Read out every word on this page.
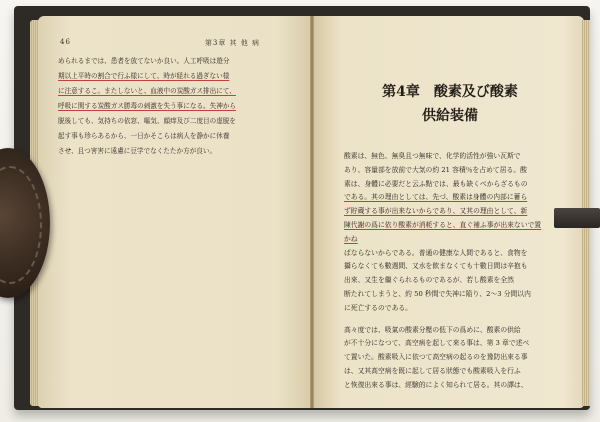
46	第3章 其 他 病

められるまでは、患者を放てないか良い。人工呼吸は遊分

期以上平時の割合で行ふ様にして、時が経れる過ぎない様

に注意するこ。またしないと、血液中の炭酸ガス排出にて、

呼吸に関する炭酸ガス勝毒の刺激を失う事になる。失神から

脱後しても、気持ちの依窓、嘔気、顔痒及び二度目の虚脱を

起す事も珍らあるから、一日かそこらは病人を静かに休養

させ、且つ害害に遠慮に豆学でなくたたか方が良い。

第4章　酸素及び酸素
供給装備

酸素は、無色、無臭且つ無味で、化学的活性が強い瓦斯で

あり、容量部を放前で大気の約 21 容積％を占めて居る。酸

素は、身體に必要だと云ふ點では、最も缺くべからざるもの

である。其の理由としては、先づ、酸素は身體の内部に蓄ら

ず貯蔵する事が出来ないからであり、又其の理由として、新

陳代謝の爲に依り酸素が消耗すると、直ぐ補ふ事が出來ないで置かね

ばならないからである。普通の健康な人間であると、食物を

攝らなくても數週間、又水を飲まなくても十數日間は辛抱も

出來、又生を繼ぐられるものであるが、若し酸素を全然

断たれてしまうと、約 50 秒間で失神に陥り、2〜3 分間以内

に死亡するのである。

高々度では、吸氣の酸素分壓の低下の爲めに、酸素の供給

が不十分になつて、高空病を起して來る事は、第 3 章で述べ

て置いた。酸素吸入に依つて高空病の起るのを豫防出來る事

は、又其高空病を既に起して居る狀態でも酸素吸入を行ふ

と恢復出來る事は、經驗的によく知られて居る。其の譯は、
